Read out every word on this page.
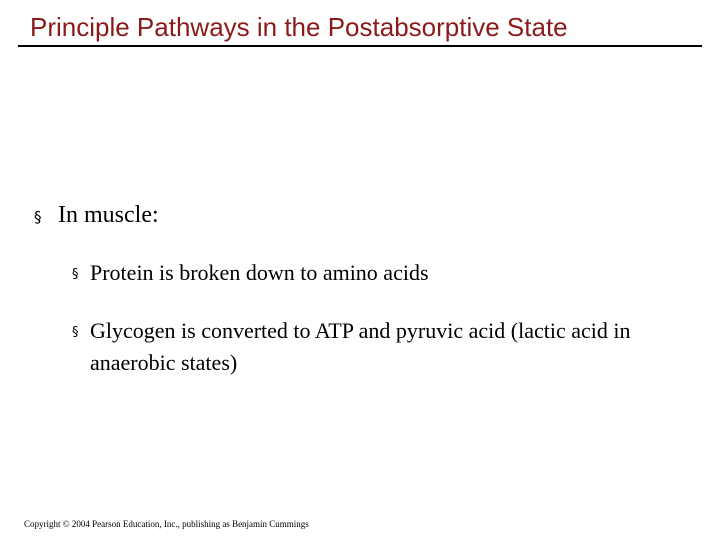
Principle Pathways in the Postabsorptive State
§ In muscle:
§ Protein is broken down to amino acids
§ Glycogen is converted to ATP and pyruvic acid (lactic acid in anaerobic states)
Copyright © 2004 Pearson Education, Inc., publishing as Benjamin Cummings
